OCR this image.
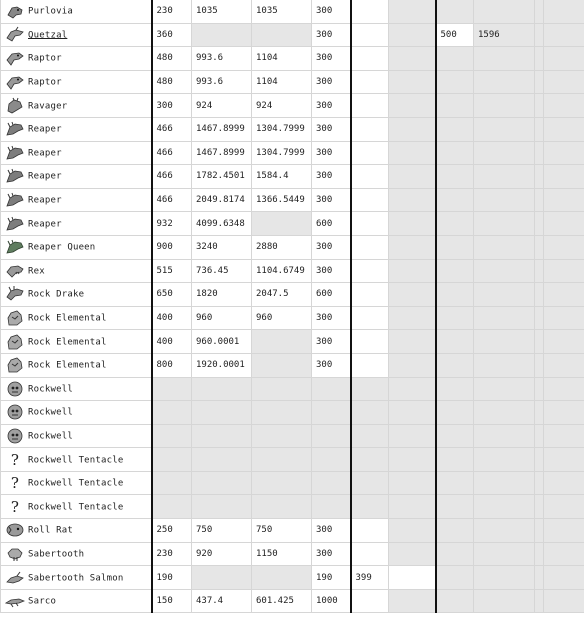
Purlovia	230	1035	1035	300						

Quetzal	360			300			500	1596		

Raptor	480	993.6	1104	300						

Raptor	480	993.6	1104	300						

Ravager	300	924	924	300						

Reaper	466	1467.8999	1304.7999	300						

Reaper	466	1467.8999	1304.7999	300						

Reaper	466	1782.4501	1584.4	300						

Reaper	466	2049.8174	1366.5449	300						

Reaper	932	4099.6348		600						

Reaper Queen	900	3240	2880	300						

Rex	515	736.45	1104.6749	300						

Rock Drake	650	1820	2047.5	600						

Rock Elemental	400	960	960	300						

Rock Elemental	400	960.0001		300						

Rock Elemental	800	1920.0001		300						

Rockwell										

Rockwell										

Rockwell										
? Rockwell Tentacle										
? Rockwell Tentacle										
? Rockwell Tentacle										

Roll Rat	250	750	750	300						

Sabertooth	230	920	1150	300						

Sabertooth Salmon	190			190	399					

Sarco	150	437.4	601.425	1000						
